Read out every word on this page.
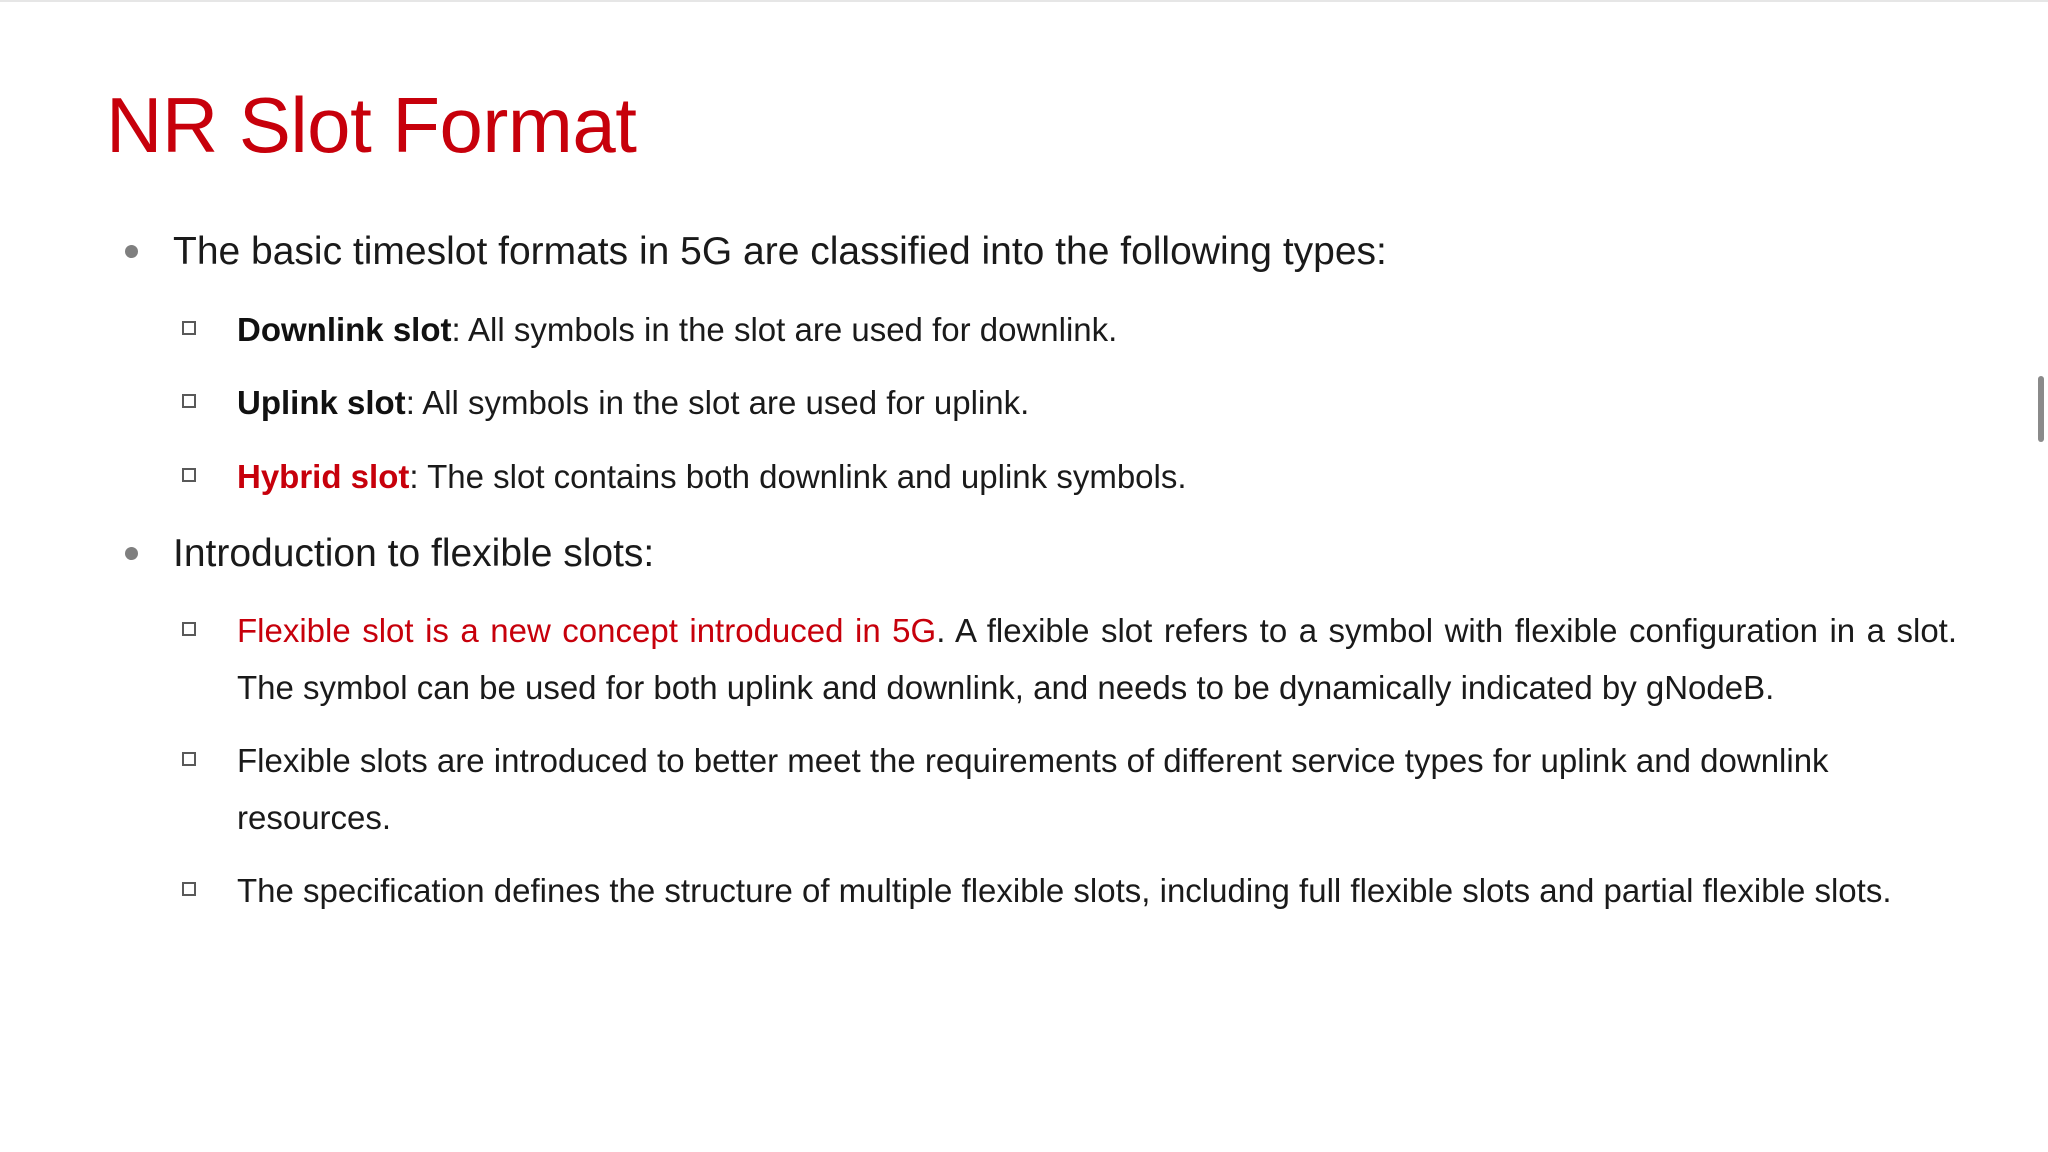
NR Slot Format
The basic timeslot formats in 5G are classified into the following types:
Downlink slot: All symbols in the slot are used for downlink.
Uplink slot: All symbols in the slot are used for uplink.
Hybrid slot: The slot contains both downlink and uplink symbols.
Introduction to flexible slots:
Flexible slot is a new concept introduced in 5G. A flexible slot refers to a symbol with flexible configuration in a slot. The symbol can be used for both uplink and downlink, and needs to be dynamically indicated by gNodeB.
Flexible slots are introduced to better meet the requirements of different service types for uplink and downlink resources.
The specification defines the structure of multiple flexible slots, including full flexible slots and partial flexible slots.
